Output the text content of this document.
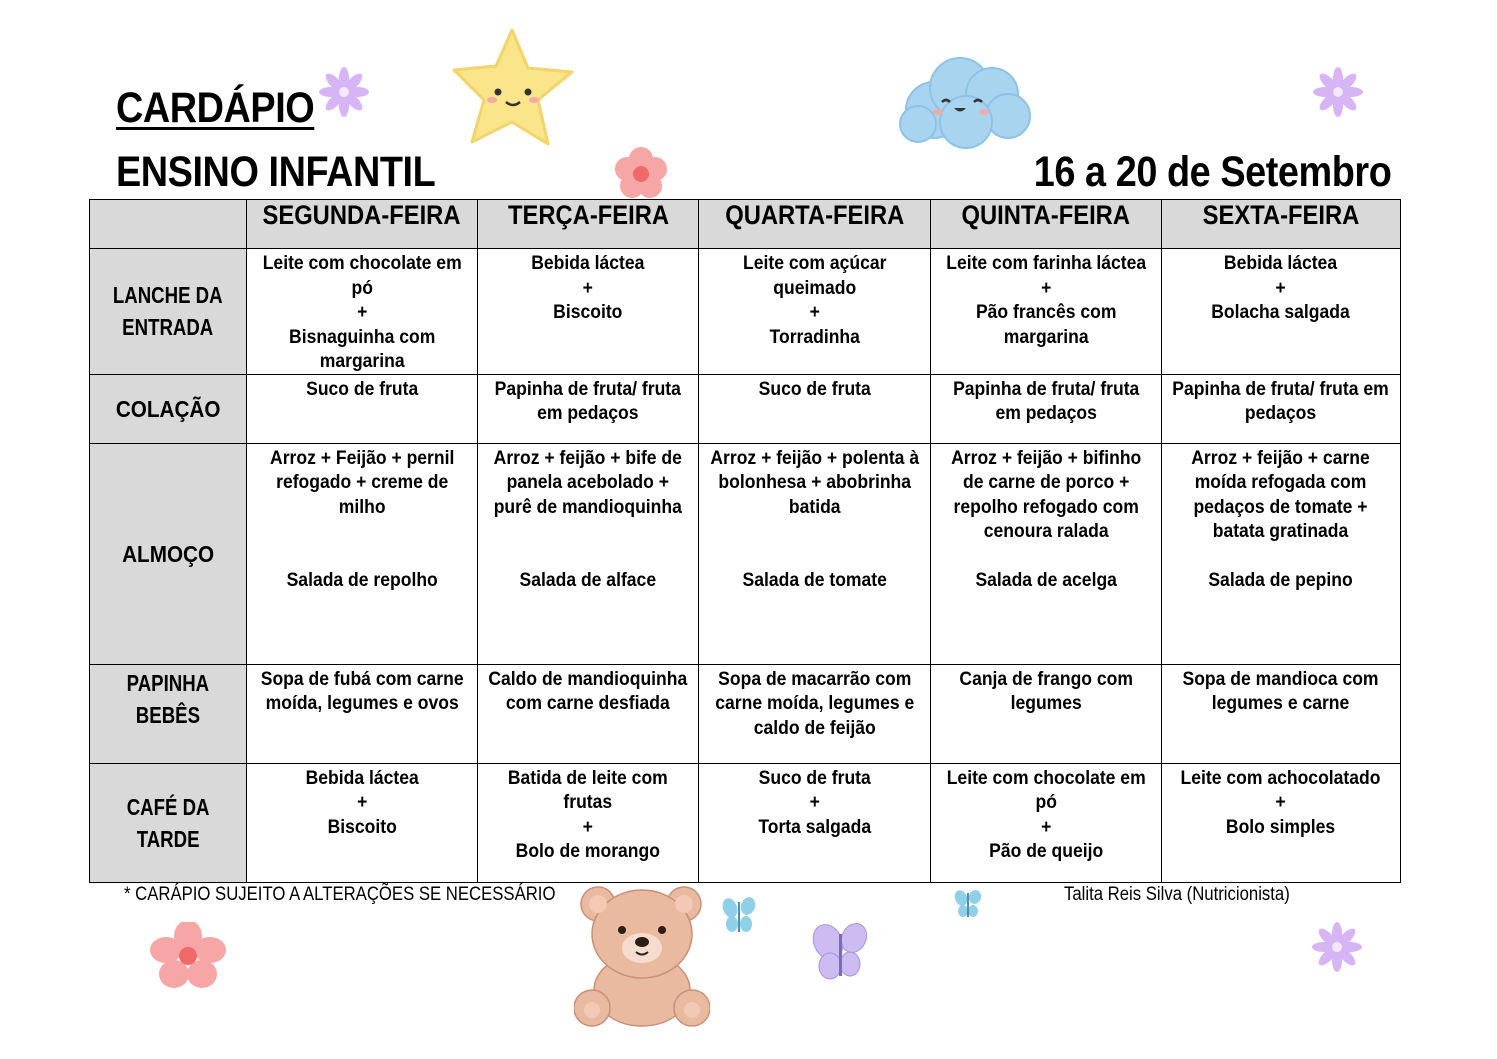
CARDÁPIO
ENSINO INFANTIL	16 a 20 de Setembro
	SEGUNDA-FEIRA	TERÇA-FEIRA	QUARTA-FEIRA	QUINTA-FEIRA	SEXTA-FEIRA

LANCHE DA
ENTRADA	Leite com chocolate em
pó
+
Bisnaguinha com
margarina	Bebida láctea
+
Biscoito	Leite com açúcar
queimado
+
Torradinha	Leite com farinha láctea
+
Pão francês com
margarina	Bebida láctea
+
Bolacha salgada

COLAÇÃO	Suco de fruta	Papinha de fruta/ fruta
em pedaços	Suco de fruta	Papinha de fruta/ fruta
em pedaços	Papinha de fruta/ fruta em
pedaços

ALMOÇO	Arroz + Feijão + pernil
refogado + creme de
milho
Salada de repolho	Arroz + feijão + bife de
panela acebolado +
purê de mandioquinha
Salada de alface	Arroz + feijão + polenta à
bolonhesa + abobrinha
batida
Salada de tomate	Arroz + feijão + bifinho
de carne de porco +
repolho refogado com
cenoura ralada
Salada de acelga	Arroz + feijão + carne
moída refogada com
pedaços de tomate +
batata gratinada
Salada de pepino

PAPINHA
BEBÊS	Sopa de fubá com carne
moída, legumes e ovos	Caldo de mandioquinha
com carne desfiada	Sopa de macarrão com
carne moída, legumes e
caldo de feijão	Canja de frango com
legumes	Sopa de mandioca com
legumes e carne

CAFÉ DA
TARDE	Bebida láctea
+
Biscoito	Batida de leite com
frutas
+
Bolo de morango	Suco de fruta
+
Torta salgada	Leite com chocolate em
pó
+
Pão de queijo	Leite com achocolatado
+
Bolo simples
* CARÁPIO SUJEITO A ALTERAÇÕES SE NECESSÁRIO	Talita Reis Silva (Nutricionista)
